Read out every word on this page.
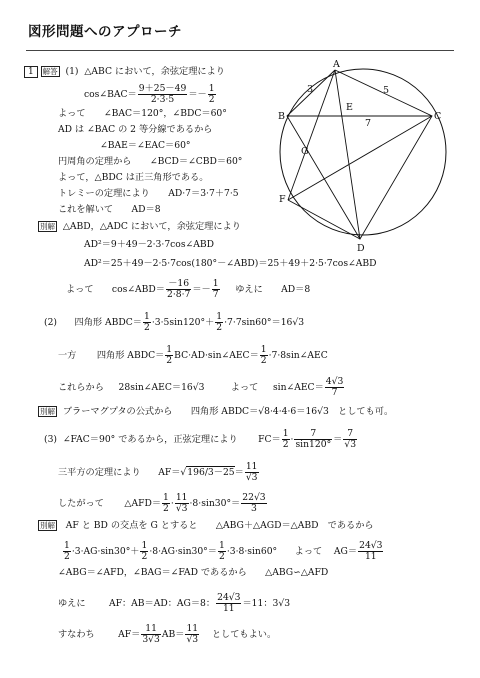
図形問題へのアプローチ
A
B	C
D
E
F
G
3	5
7
1 解答 (1) △ABC において，余弦定理により
cos∠BAC＝ $\frac{9+25-49}{2\cdot 3\cdot 5} =- \frac{1}{2}$
よって　　∠BAC＝120°，∠BDC＝60°
AD は ∠BAC の 2 等分線であるから
∠BAE＝∠EAC＝60°
円周角の定理から　　∠BCD＝∠CBD＝60°
よって，△BDC は正三角形である。
トレミーの定理により　　AD·7＝3·7＋7·5
これを解いて　　AD＝8
別解 △ABD，△ADC において，余弦定理により
AD²＝9＋49－2·3·7cos∠ABD
AD²＝25＋49－2·5·7cos(180°－∠ABD)＝25＋49＋2·5·7cos∠ABD
よって　　cos∠ABD＝ $\frac{-16}{2\cdot 8\cdot 7} =- \frac{1}{7}$ ゆえに　　AD＝8
(2) 四角形 ABDC＝ $\frac{1}{2} \cdot 3\cdot 5\sin 120^\circ+ \frac{1}{2} \cdot 7\cdot 7\sin 60^\circ=16√3$
一方 四角形 ABDC＝ $\frac{1}{2}$ BC·AD·sin∠AEC＝ $\frac{1}{2}$ ·7·8sin∠AEC
これらから 28sin∠AEC＝16√3	よって sin∠AEC＝ $\frac{4√3}{7}$
別解 ブラーマグプタの公式から　　四角形 ABDC＝√8·4·4·6＝16√3　としても可。
(3) ∠FAC＝90° であるから，正弦定理により $FC= \frac{1}{2} \cdot \frac{7}{\sin 120^\circ} = \frac{7}{√3}$
三平方の定理により $AF=√196/3-25= \frac{11}{√3}$
したがって △AFD＝ $\frac{1}{2} \cdot \frac{11}{√3} \cdot 8\cdot\sin 30^\circ= \frac{22√3}{3}$
別解 AF と BD の交点を G とすると　　△ABG＋△AGD＝△ABD　であるから
$\frac{1}{2} \cdot 3\cdot AG\cdot\sin 30^\circ+ \frac{1}{2} \cdot 8\cdot AG\cdot\sin 30^\circ= \frac{1}{2} \cdot 3\cdot 8\cdot\sin 60^\circ$ よって $AG= \frac{24√3}{11}$
∠ABG＝∠AFD，∠BAG＝∠FAD であるから　　△ABG∽△AFD
ゆえに	AF：AB＝AD：AG＝8： $\frac{24√3}{11} =11$：3√3
すなわち	$AF= \frac{11}{3√3} AB= \frac{11}{√3}$ としてもよい。
